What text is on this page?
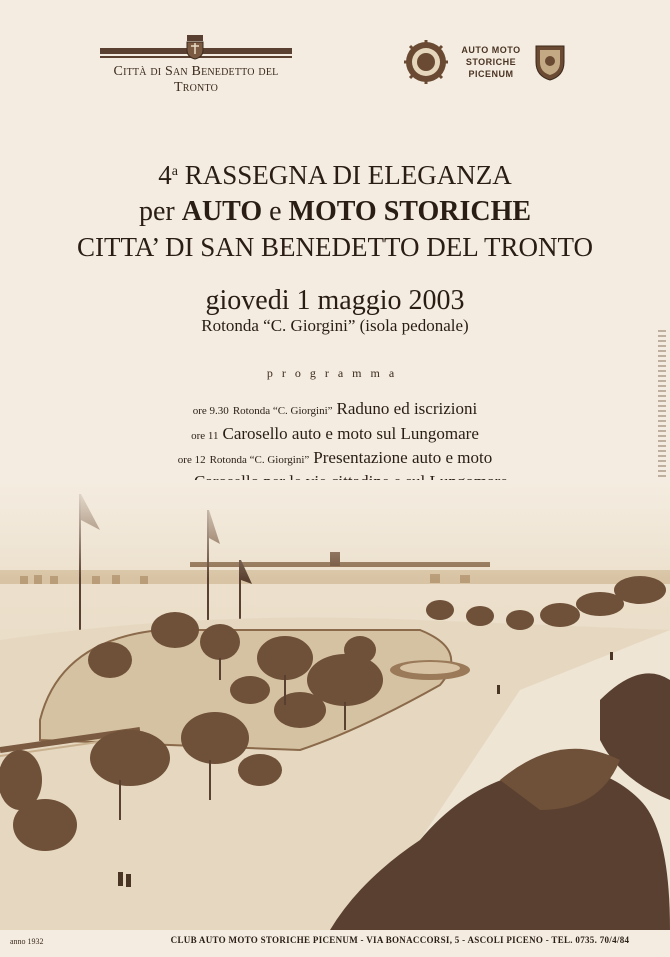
Città di San Benedetto del Tronto
AUTO MOTO
STORICHE
PICENUM
4$^a$ RASSEGNA DI ELEGANZA
per AUTO e MOTO STORICHE
CITTA’ DI SAN BENEDETTO DEL TRONTO
giovedi 1 maggio 2003
Rotonda “C. Giorgini” (isola pedonale)
programma
ore 9.30 Rotonda “C. Giorgini” Raduno ed iscrizioni
ore 11 Carosello auto e moto sul Lungomare
ore 12 Rotonda “C. Giorgini” Presentazione auto e moto
anno 1932	CLUB AUTO MOTO STORICHE PICENUM - VIA BONACCORSI, 5 - ASCOLI PICENO - TEL. 0735. 70/4/84
